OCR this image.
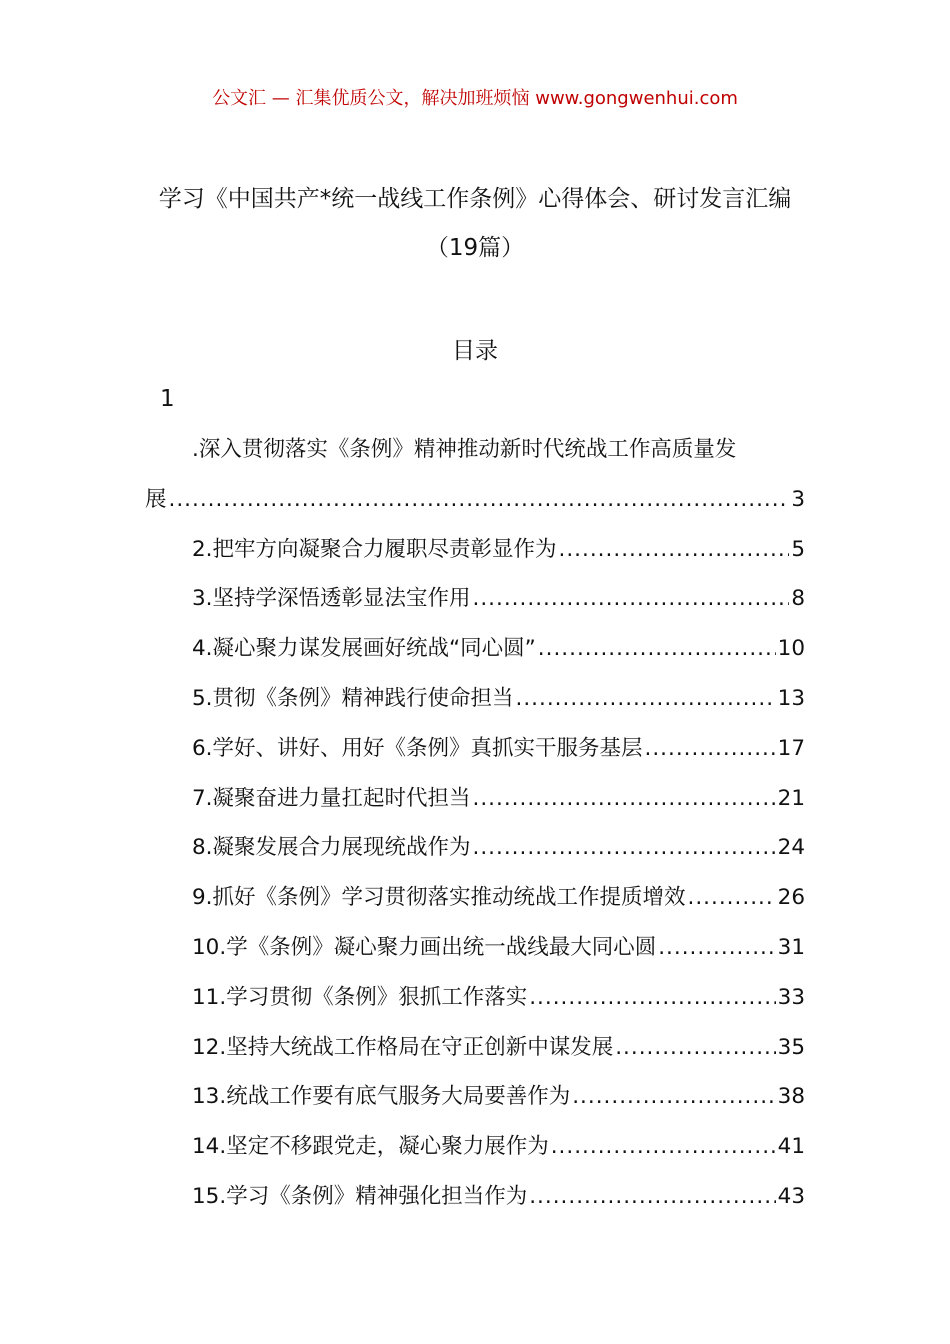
公文汇 — 汇集优质公文，解决加班烦恼 www.gongwenhui.com
学习《中国共产*统一战线工作条例》心得体会、研讨发言汇编
（19篇）
目录
1
.深入贯彻落实《条例》精神推动新时代统战工作高质量发
展 .....	3
2.把牢方向凝聚合力履职尽责彰显作为 .....	5
3.坚持学深悟透彰显法宝作用 .....	8
4.凝心聚力谋发展画好统战“同心圆” .....	10
5.贯彻《条例》精神践行使命担当 .....	13
6.学好、讲好、用好《条例》真抓实干服务基层 .....	17
7.凝聚奋进力量扛起时代担当 .....	21
8.凝聚发展合力展现统战作为 .....	24
9.抓好《条例》学习贯彻落实推动统战工作提质增效 .....	26
10.学《条例》凝心聚力画出统一战线最大同心圆 .....	31
11.学习贯彻《条例》狠抓工作落实 .....	33
12.坚持大统战工作格局在守正创新中谋发展 .....	35
13.统战工作要有底气服务大局要善作为 .....	38
14.坚定不移跟党走，凝心聚力展作为 .....	41
15.学习《条例》精神强化担当作为 .....	43
